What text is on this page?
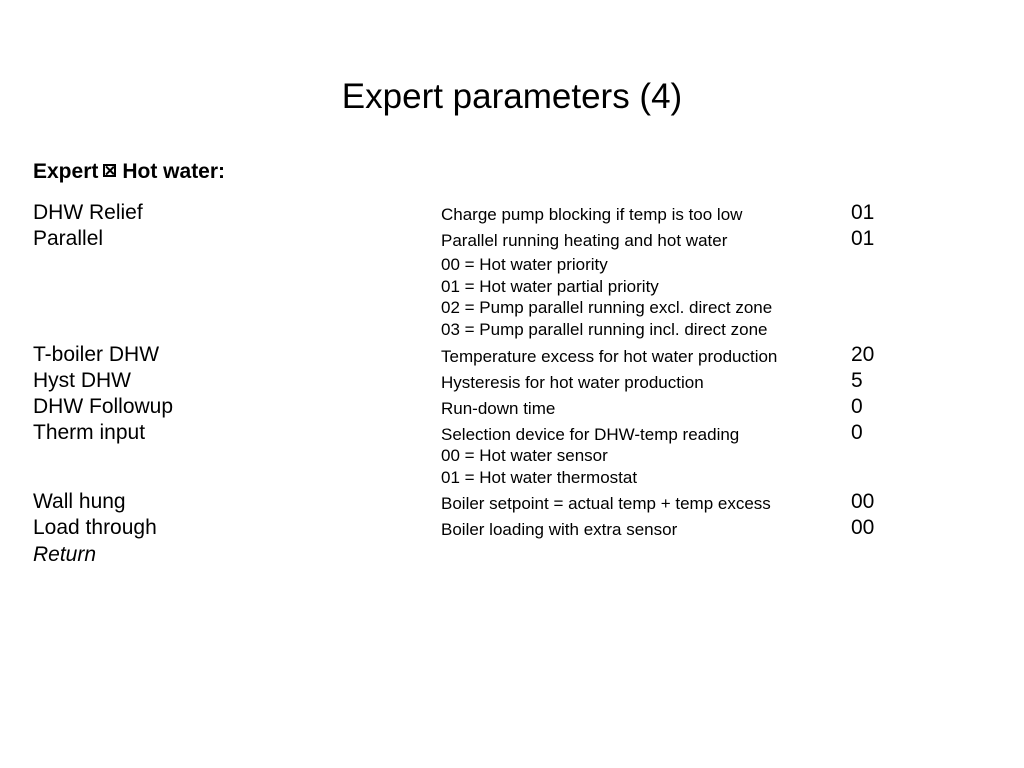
Expert parameters (4)
Expert Hot water:
DHW Relief	Charge pump blocking if temp is too low	01
Parallel	Parallel running heating and hot water	01
00 = Hot water priority
01 = Hot water partial priority
02 = Pump parallel running excl. direct zone
03 = Pump parallel running incl. direct zone
T-boiler DHW	Temperature excess for hot water production	20
Hyst DHW	Hysteresis for hot water production	5
DHW Followup	Run-down time	0
Therm input	Selection device for DHW-temp reading	0
00 = Hot water sensor
01 = Hot water thermostat
Wall hung	Boiler setpoint = actual temp + temp excess	00
Load through	Boiler loading with extra sensor	00
Return
